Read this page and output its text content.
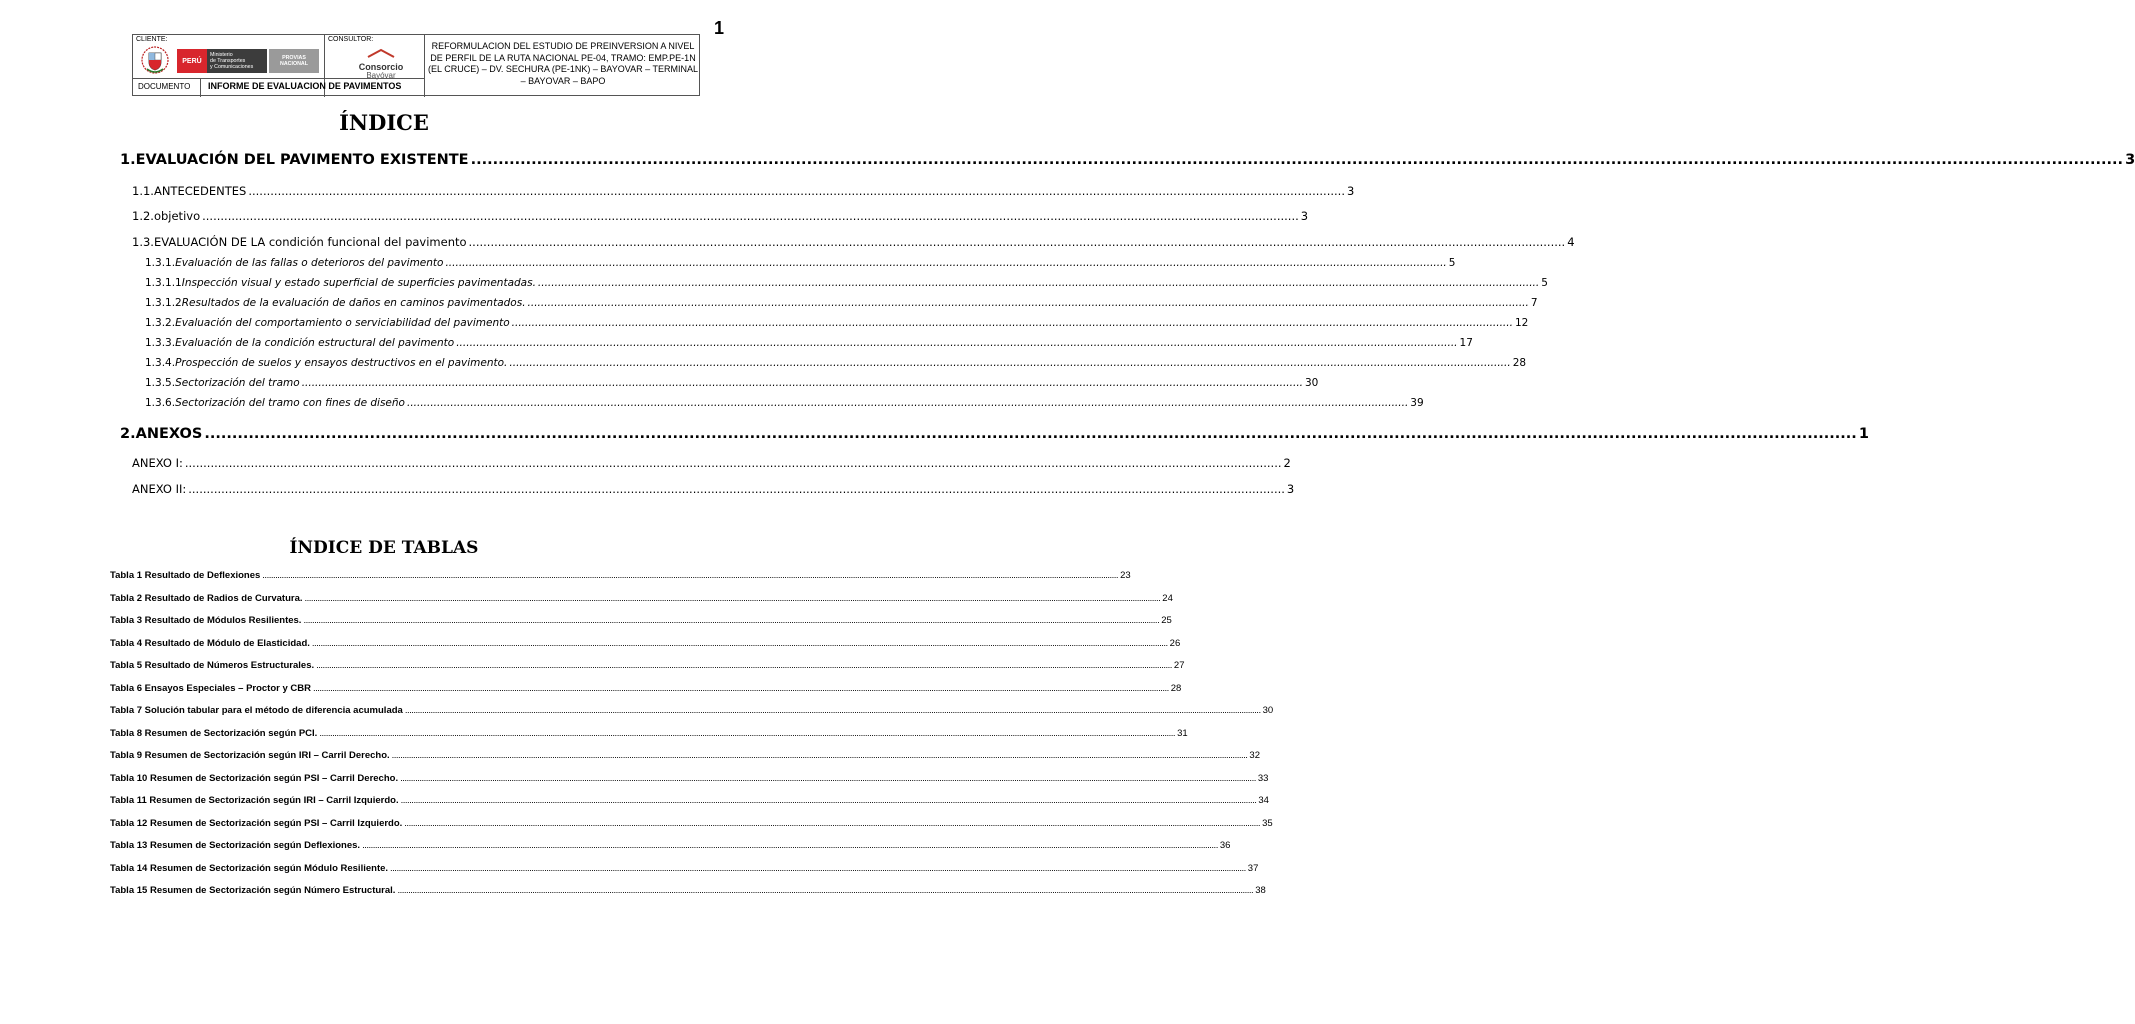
1
CLIENTE:	CONSULTOR:
PERÚ
Ministerio
de Transportes
y Comunicaciones
PROVIAS
NACIONAL	Consorcio
Bayóvar
DOCUMENTO INFORME DE EVALUACION DE PAVIMENTOS
REFORMULACION DEL ESTUDIO DE PREINVERSION A NIVEL DE PERFIL DE LA RUTA NACIONAL PE-04, TRAMO: EMP.PE-1N (EL CRUCE) – DV. SECHURA (PE-1NK) – BAYOVAR – TERMINAL – BAYOVAR – BAPO
ÍNDICE
1. EVALUACIÓN DEL PAVIMENTO EXISTENTE ............................................................................................................................................................................................................................................................................................................ 3
1.1. ANTECEDENTES ............................................................................................................................................................................................................................................................................................................ 3
1.2. objetivo ............................................................................................................................................................................................................................................................................................................ 3
1.3. EVALUACIÓN DE LA condición funcional del pavimento ............................................................................................................................................................................................................................................................................................................ 4
1.3.1. Evaluación de las fallas o deterioros del pavimento ............................................................................................................................................................................................................................................................................................................ 5
1.3.1.1 Inspección visual y estado superficial de superficies pavimentadas. ............................................................................................................................................................................................................................................................................................................ 5
1.3.1.2 Resultados de la evaluación de daños en caminos pavimentados. ............................................................................................................................................................................................................................................................................................................ 7
1.3.2. Evaluación del comportamiento o serviciabilidad del pavimento ............................................................................................................................................................................................................................................................................................................ 12
1.3.3. Evaluación de la condición estructural del pavimento ............................................................................................................................................................................................................................................................................................................ 17
1.3.4. Prospección de suelos y ensayos destructivos en el pavimento. ............................................................................................................................................................................................................................................................................................................ 28
1.3.5. Sectorización del tramo ............................................................................................................................................................................................................................................................................................................ 30
1.3.6. Sectorización del tramo con fines de diseño ............................................................................................................................................................................................................................................................................................................ 39
2. ANEXOS ............................................................................................................................................................................................................................................................................................................ 1
ANEXO I: ............................................................................................................................................................................................................................................................................................................ 2
ANEXO II: ............................................................................................................................................................................................................................................................................................................ 3
ÍNDICE DE TABLAS
Tabla 1 Resultado de Deflexiones ................................................................................................................................................................................................................................................................................................................................................................................................................ 23
Tabla 2 Resultado de Radios de Curvatura. ................................................................................................................................................................................................................................................................................................................................................................................................................ 24
Tabla 3 Resultado de Módulos Resilientes. ................................................................................................................................................................................................................................................................................................................................................................................................................ 25
Tabla 4 Resultado de Módulo de Elasticidad. ................................................................................................................................................................................................................................................................................................................................................................................................................ 26
Tabla 5 Resultado de Números Estructurales. ................................................................................................................................................................................................................................................................................................................................................................................................................ 27
Tabla 6 Ensayos Especiales – Proctor y CBR ................................................................................................................................................................................................................................................................................................................................................................................................................ 28
Tabla 7 Solución tabular para el método de diferencia acumulada ................................................................................................................................................................................................................................................................................................................................................................................................................ 30
Tabla 8 Resumen de Sectorización según PCI. ................................................................................................................................................................................................................................................................................................................................................................................................................ 31
Tabla 9 Resumen de Sectorización según IRI – Carril Derecho. ................................................................................................................................................................................................................................................................................................................................................................................................................ 32
Tabla 10 Resumen de Sectorización según PSI – Carril Derecho. ................................................................................................................................................................................................................................................................................................................................................................................................................ 33
Tabla 11 Resumen de Sectorización según IRI – Carril Izquierdo. ................................................................................................................................................................................................................................................................................................................................................................................................................ 34
Tabla 12 Resumen de Sectorización según PSI – Carril Izquierdo. ................................................................................................................................................................................................................................................................................................................................................................................................................ 35
Tabla 13 Resumen de Sectorización según Deflexiones. ................................................................................................................................................................................................................................................................................................................................................................................................................ 36
Tabla 14 Resumen de Sectorización según Módulo Resiliente. ................................................................................................................................................................................................................................................................................................................................................................................................................ 37
Tabla 15 Resumen de Sectorización según Número Estructural. ................................................................................................................................................................................................................................................................................................................................................................................................................ 38
